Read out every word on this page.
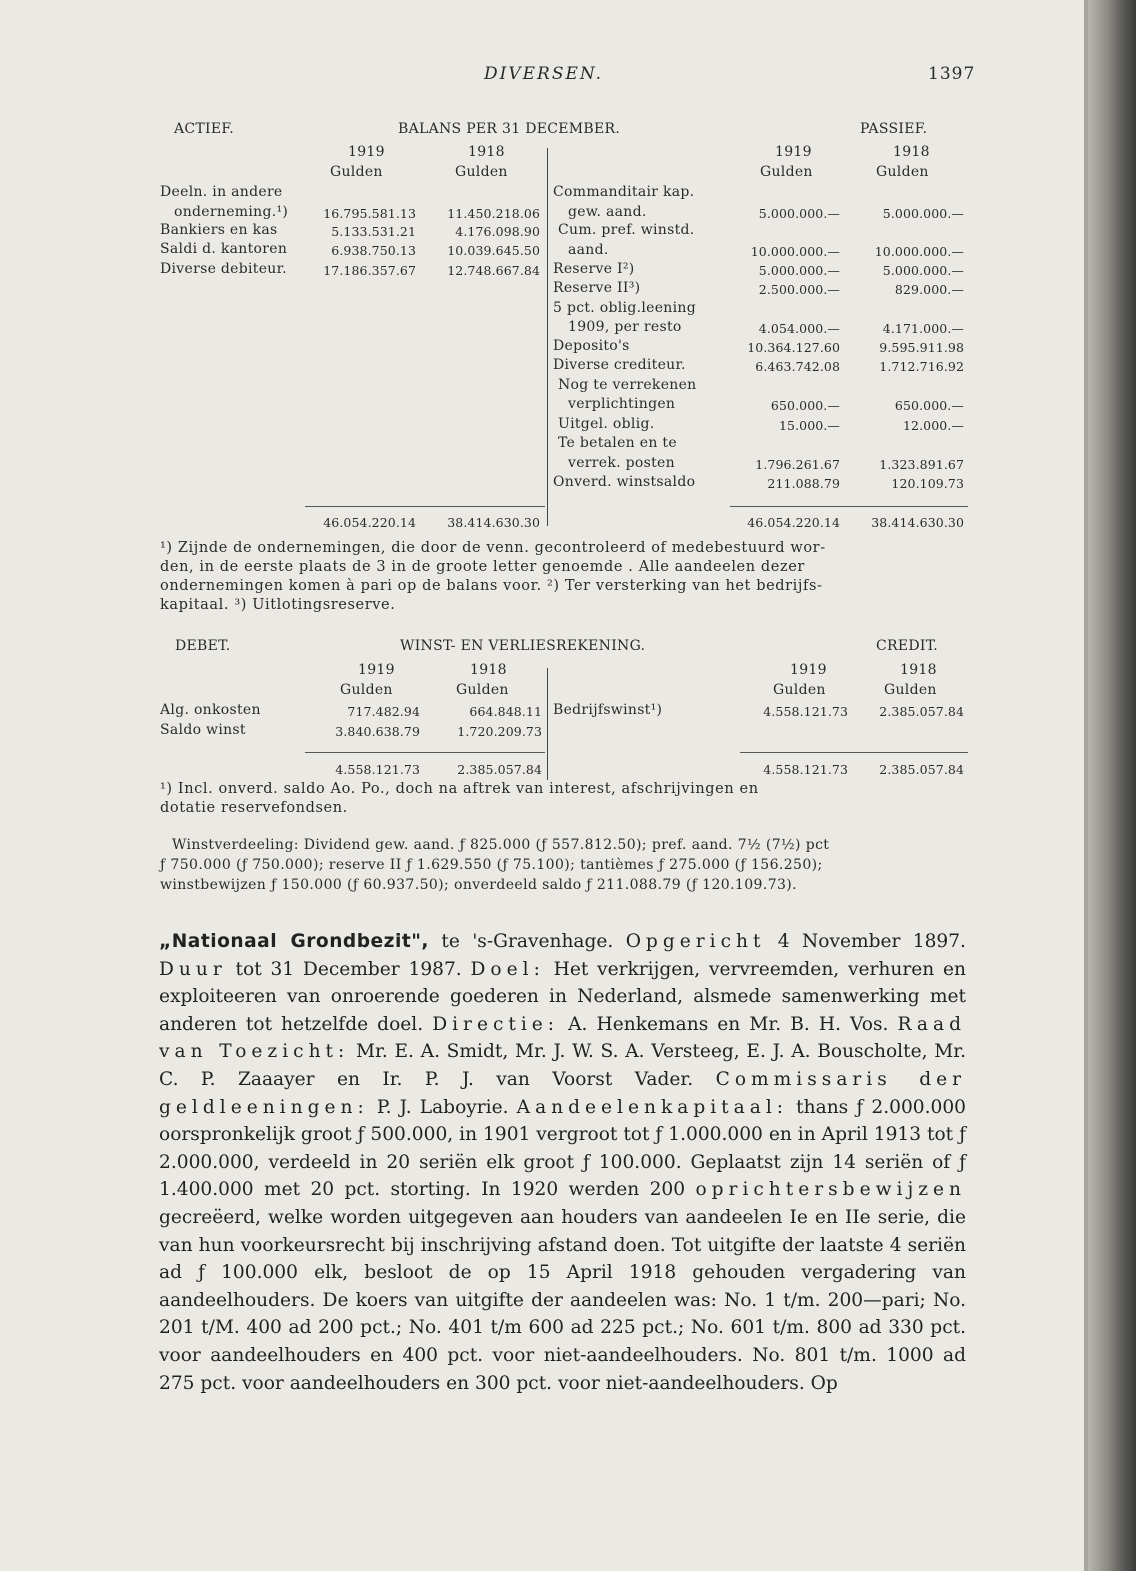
DIVERSEN.	1397
ACTIEF.	BALANS PER 31 DECEMBER.	PASSIEF.
1919	1918	1919	1918
Gulden	Gulden	Gulden	Gulden
Deeln. in andere
onderneming.¹)	16.795.581.13	11.450.218.06
Bankiers en kas	5.133.531.21	4.176.098.90
Saldi d. kantoren	6.938.750.13	10.039.645.50
Diverse debiteur.	17.186.357.67	12.748.667.84
Commanditair kap.
gew. aand.	5.000.000.—	5.000.000.—
Cum. pref. winstd.
aand.	10.000.000.—	10.000.000.—
Reserve I²)	5.000.000.—	5.000.000.—
Reserve II³)	2.500.000.—	829.000.—
5 pct. oblig.leening
1909, per resto	4.054.000.—	4.171.000.—
Deposito's	10.364.127.60	9.595.911.98
Diverse crediteur.	6.463.742.08	1.712.716.92
Nog te verrekenen
verplichtingen	650.000.—	650.000.—
Uitgel. oblig.	15.000.—	12.000.—
Te betalen en te
verrek. posten	1.796.261.67	1.323.891.67
Onverd. winstsaldo	211.088.79	120.109.73
46.054.220.14	38.414.630.30	46.054.220.14	38.414.630.30
¹) Zijnde de ondernemingen, die door de venn. gecontroleerd of medebestuurd wor-
den, in de eerste plaats de 3 in de groote letter genoemde . Alle aandeelen dezer
ondernemingen komen à pari op de balans voor. ²) Ter versterking van het bedrijfs-
kapitaal. ³) Uitlotingsreserve.
DEBET.	WINST- EN VERLIESREKENING.	CREDIT.
1919	1918	1919	1918
Gulden	Gulden	Gulden	Gulden
Alg. onkosten	717.482.94	664.848.11
Saldo winst	3.840.638.79	1.720.209.73
Bedrijfswinst¹)	4.558.121.73	2.385.057.84
4.558.121.73	2.385.057.84	4.558.121.73	2.385.057.84
¹) Incl. onverd. saldo Ao. Po., doch na aftrek van interest, afschrijvingen en
dotatie reservefondsen.
Winstverdeeling: Dividend gew. aand. ƒ 825.000 (ƒ 557.812.50); pref. aand. 7½ (7½) pct
ƒ 750.000 (ƒ 750.000); reserve II ƒ 1.629.550 (ƒ 75.100); tantièmes ƒ 275.000 (ƒ 156.250);
winstbewijzen ƒ 150.000 (ƒ 60.937.50); onverdeeld saldo ƒ 211.088.79 (ƒ 120.109.73).
„Nationaal Grondbezit", te 's-Gravenhage. Opgericht 4 November 1897. Duur tot 31 December 1987. Doel: Het verkrijgen, vervreemden, verhuren en exploiteeren van onroerende goederen in Nederland, alsmede samenwerking met anderen tot hetzelfde doel. Directie: A. Henkemans en Mr. B. H. Vos. Raad van Toezicht: Mr. E. A. Smidt, Mr. J. W. S. A. Versteeg, E. J. A. Bouscholte, Mr. C. P. Zaaayer en Ir. P. J. van Voorst Vader. Commissaris der geldleeningen: P. J. Laboyrie. Aandeelenkapitaal: thans ƒ 2.000.000 oorspronkelijk groot ƒ 500.000, in 1901 vergroot tot ƒ 1.000.000 en in April 1913 tot ƒ 2.000.000, verdeeld in 20 seriën elk groot ƒ 100.000. Geplaatst zijn 14 seriën of ƒ 1.400.000 met 20 pct. storting. In 1920 werden 200 oprichtersbewijzen gecreëerd, welke worden uitgegeven aan houders van aandeelen Ie en IIe serie, die van hun voorkeursrecht bij inschrijving afstand doen. Tot uitgifte der laatste 4 seriën ad ƒ 100.000 elk, besloot de op 15 April 1918 gehouden vergadering van aandeelhouders. De koers van uitgifte der aandeelen was: No. 1 t/m. 200—pari; No. 201 t/M. 400 ad 200 pct.; No. 401 t/m 600 ad 225 pct.; No. 601 t/m. 800 ad 330 pct. voor aandeelhouders en 400 pct. voor niet-aandeelhouders. No. 801 t/m. 1000 ad 275 pct. voor aandeelhouders en 300 pct. voor niet-aandeelhouders. Op
